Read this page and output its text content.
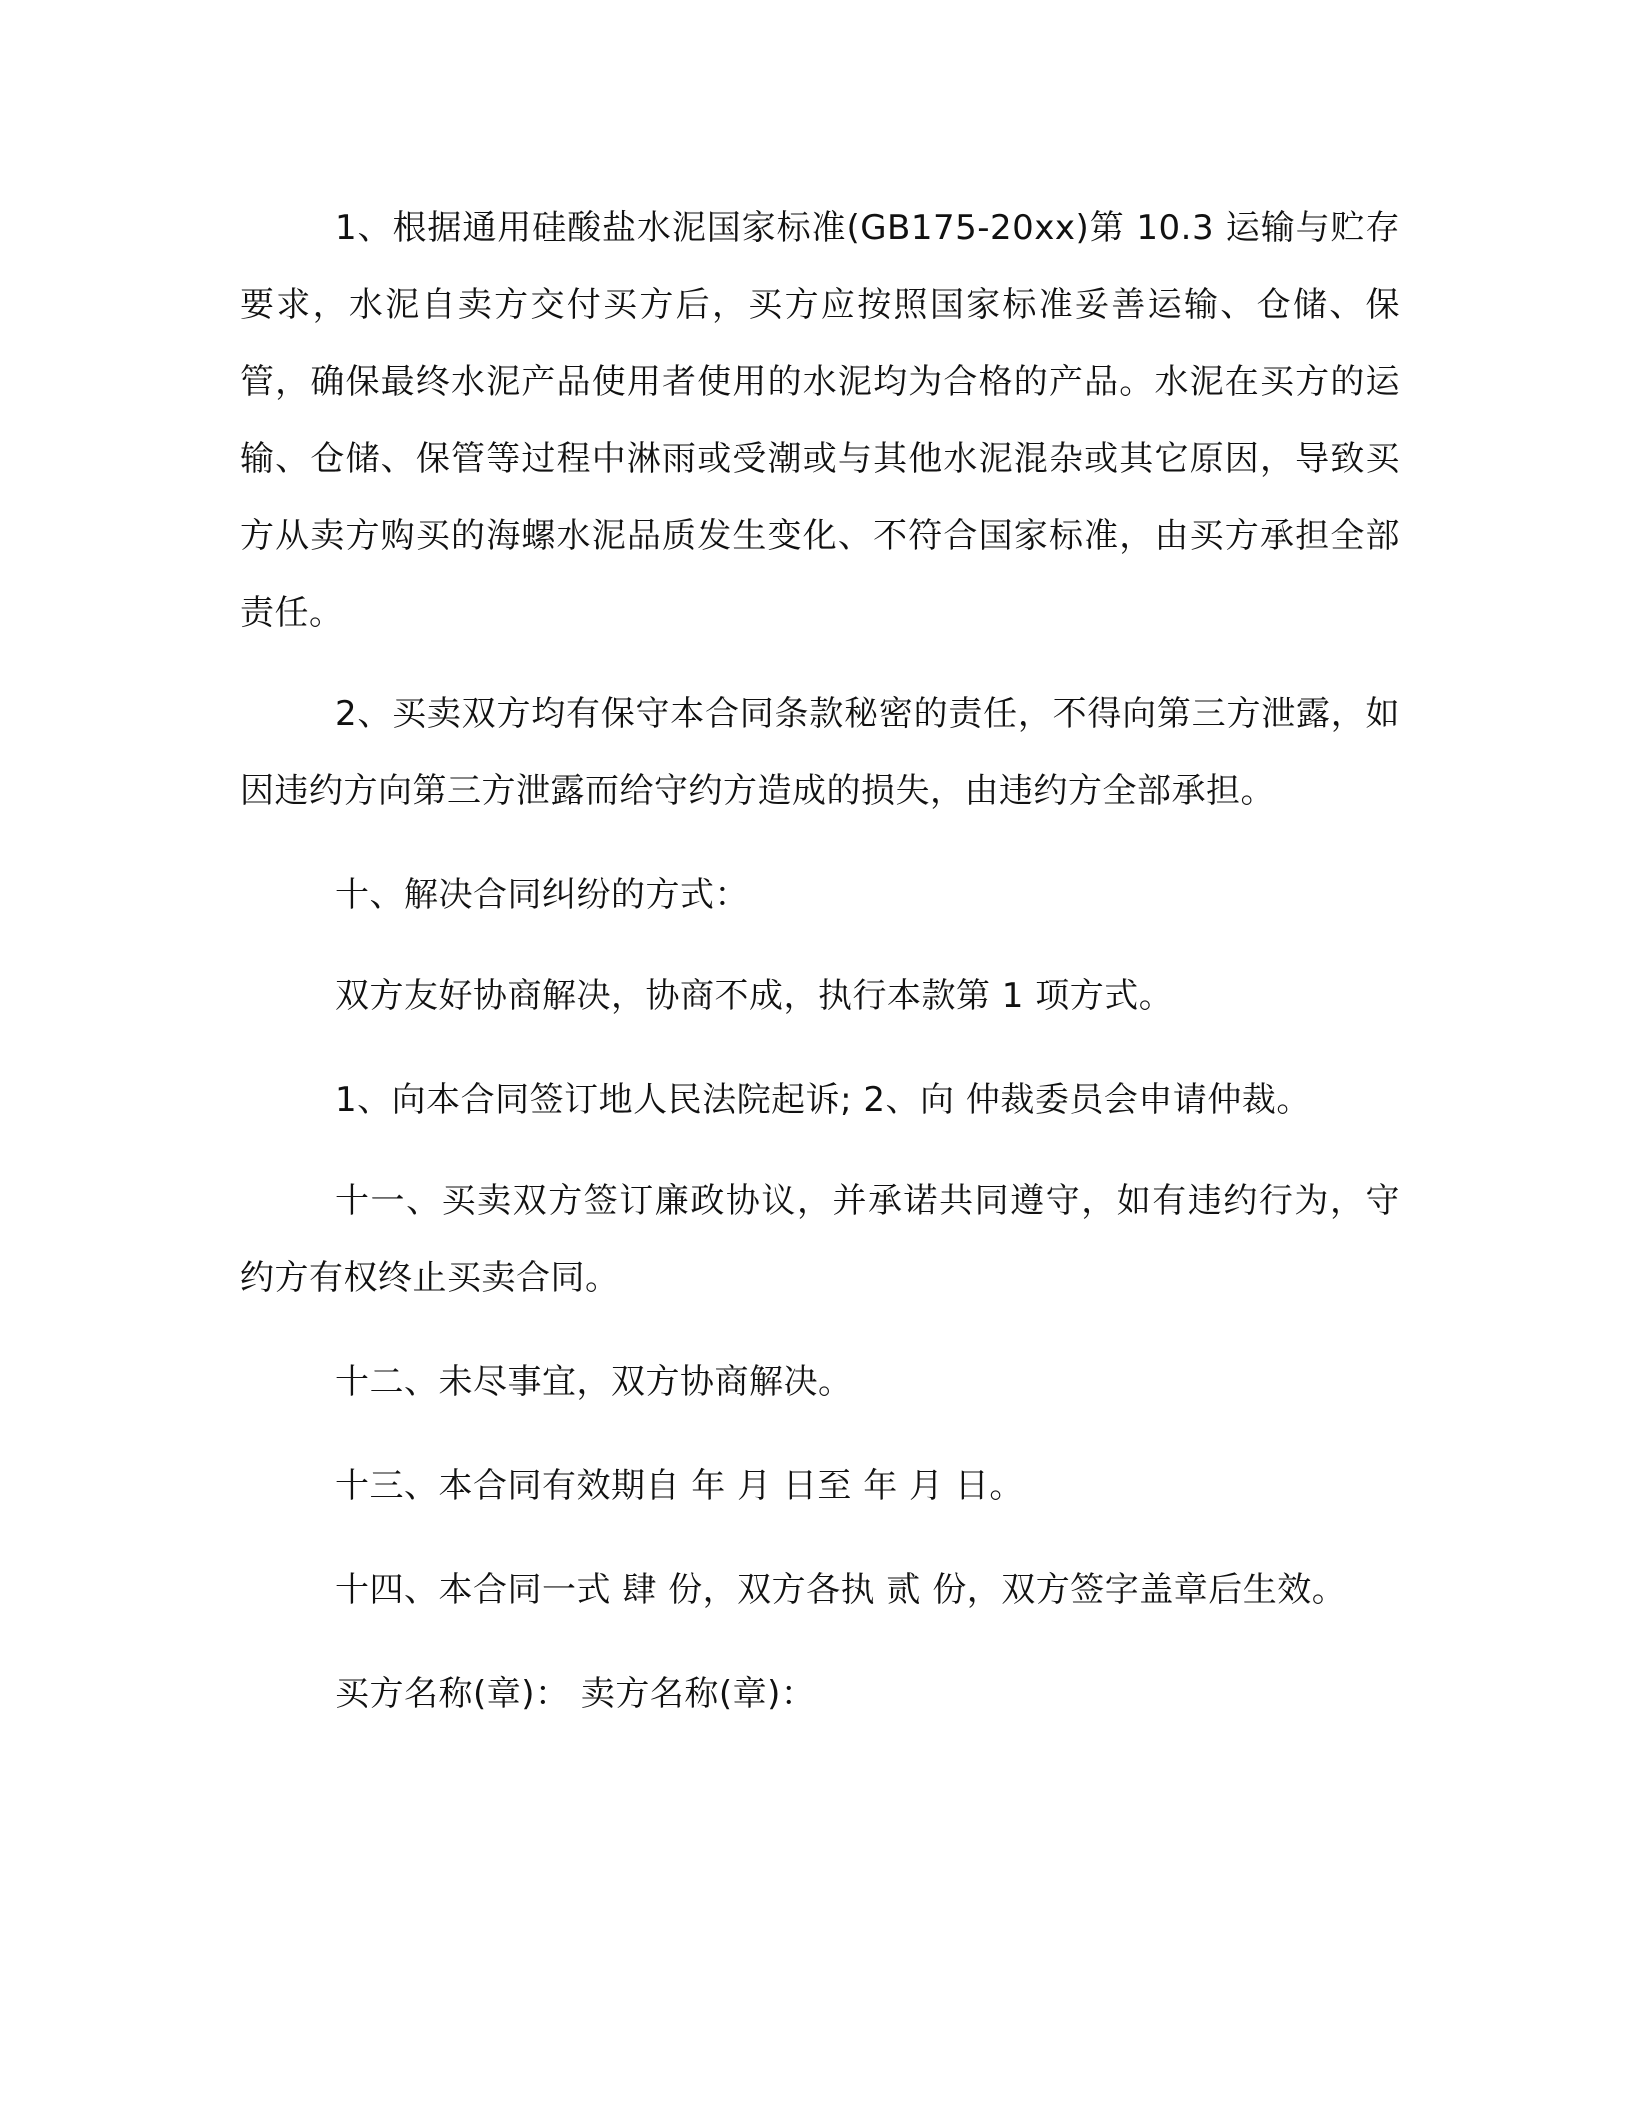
1、根据通用硅酸盐水泥国家标准(GB175-20xx)第 10.3 运输与贮存要求，水泥自卖方交付买方后，买方应按照国家标准妥善运输、仓储、保管，确保最终水泥产品使用者使用的水泥均为合格的产品。水泥在买方的运输、仓储、保管等过程中淋雨或受潮或与其他水泥混杂或其它原因，导致买方从卖方购买的海螺水泥品质发生变化、不符合国家标准，由买方承担全部责任。

2、买卖双方均有保守本合同条款秘密的责任，不得向第三方泄露，如因违约方向第三方泄露而给守约方造成的损失，由违约方全部承担。

十、解决合同纠纷的方式：

双方友好协商解决，协商不成，执行本款第 1 项方式。

1、向本合同签订地人民法院起诉; 2、向 仲裁委员会申请仲裁。

十一、买卖双方签订廉政协议，并承诺共同遵守，如有违约行为，守约方有权终止买卖合同。

十二、未尽事宜，双方协商解决。

十三、本合同有效期自 年 月 日至 年 月 日。

十四、本合同一式 肆 份，双方各执 贰 份，双方签字盖章后生效。

买方名称(章)： 卖方名称(章)：
